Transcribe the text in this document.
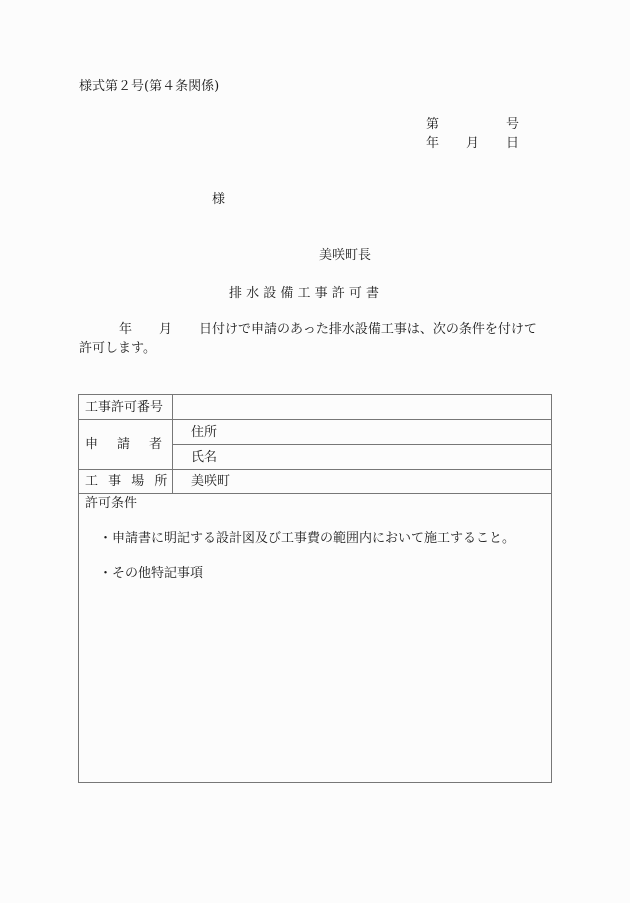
様式第２号(第４条関係)
第	号
年 月 日
様
美咲町長
排 水 設 備 工 事 許 可 書
年 月 日付けで申請のあった排水設備工事は、次の条件を付けて
許可します。
工事許可番号
申　請　者
住所
氏名
工 事 場 所 美咲町
許可条件
・申請書に明記する設計図及び工事費の範囲内において施工すること。
・その他特記事項
